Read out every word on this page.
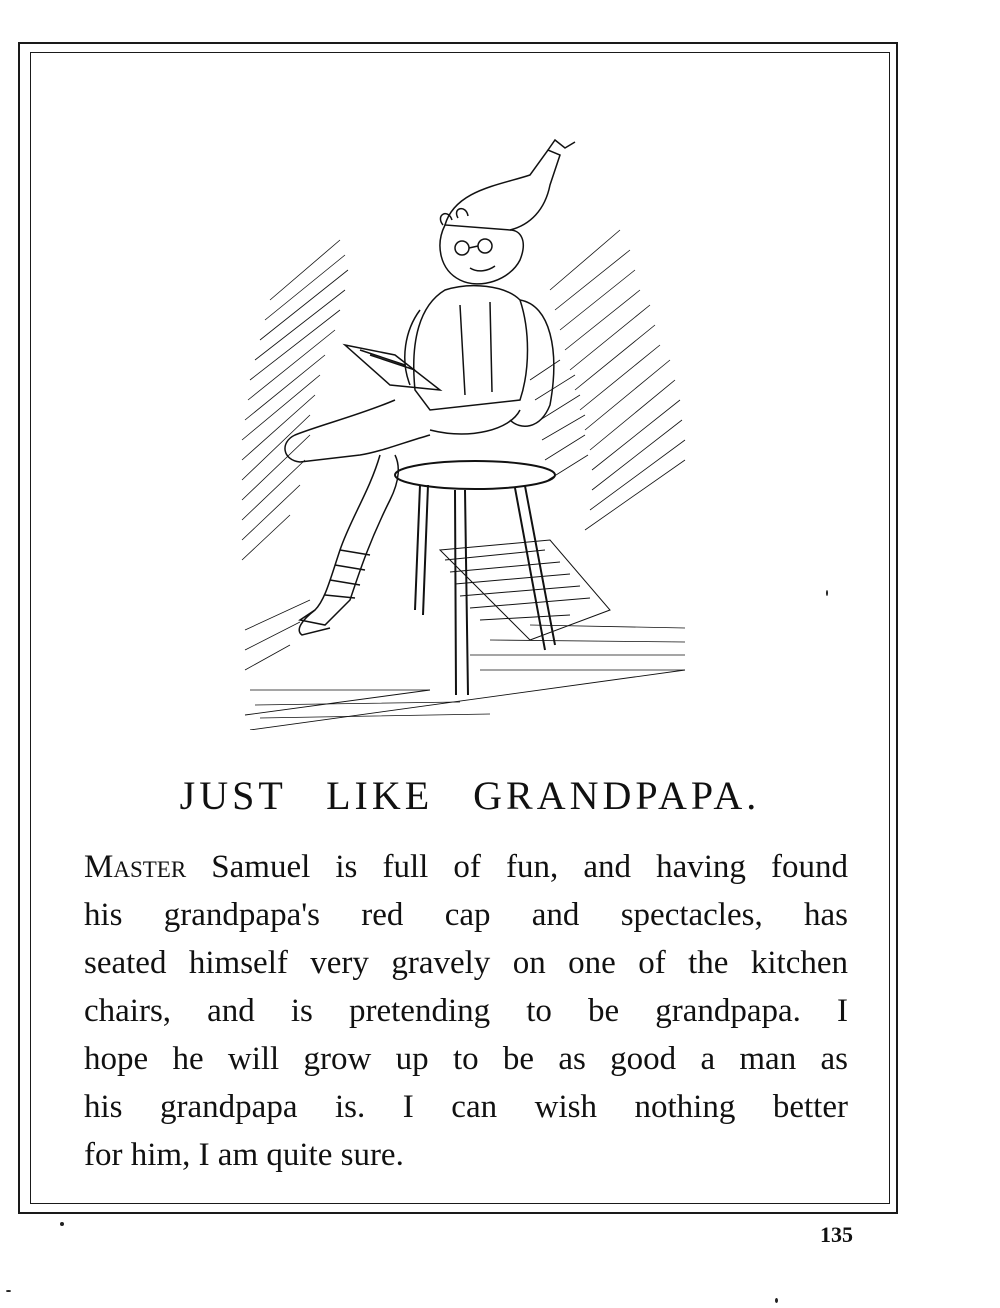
JUST LIKE GRANDPAPA.

Master Samuel is full of fun, and having found
his grandpapa's red cap and spectacles, has
seated himself very gravely on one of the kitchen
chairs, and is pretending to be grandpapa. I
hope he will grow up to be as good a man as
his grandpapa is. I can wish nothing better
for him, I am quite sure.

135
